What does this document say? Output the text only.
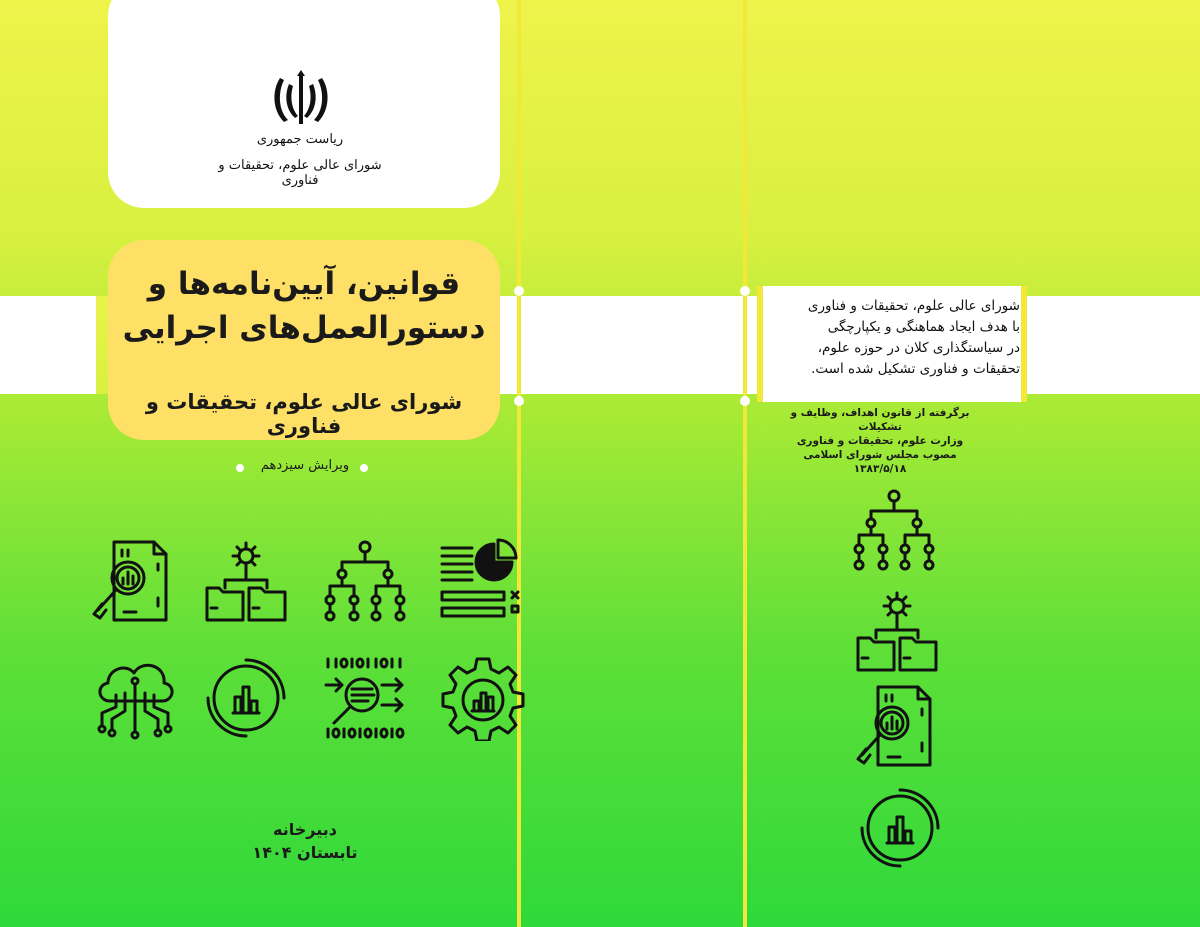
ریاست جمهوری
شورای عالی علوم، تحقیقات و فناوری
قوانین، آیین‌نامه‌ها و
دستورالعمل‌های اجرایی
شورای عالی علوم، تحقیقات و فناوری
ویرایش سیزدهم
دبیرخانه
تابستان ۱۴۰۴
شورای عالی علوم، تحقیقات و فناوری
با هدف ایجاد هماهنگی و یکپارچگی
در سیاستگذاری کلان در حوزه علوم،
تحقیقات و فناوری تشکیل شده است.
برگرفته از قانون اهداف، وظایف و تشکیلات
وزارت علوم، تحقیقات و فناوری
مصوب مجلس شورای اسلامی
۱۳۸۳/۵/۱۸
